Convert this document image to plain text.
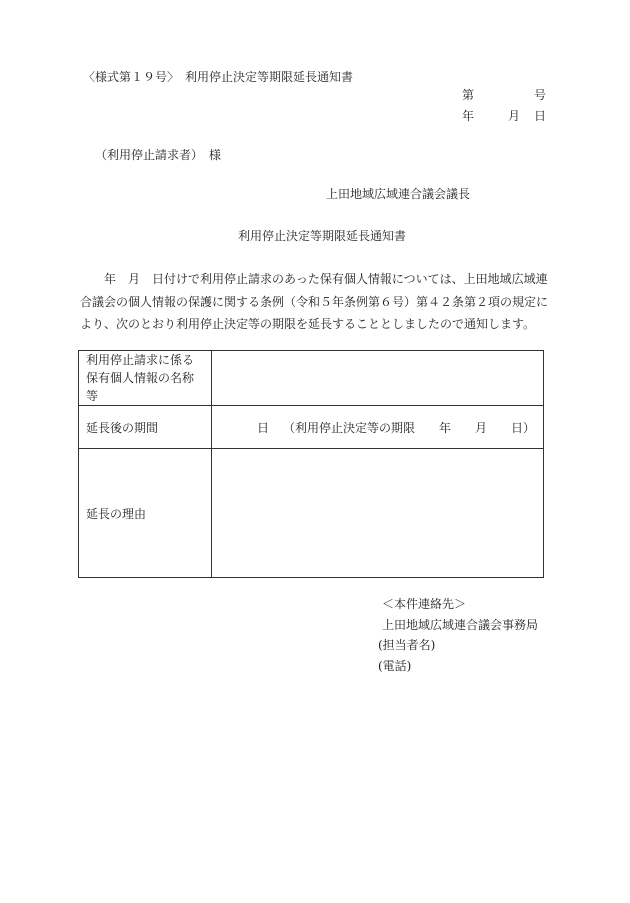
〈様式第１９号〉　利用停止決定等期限延長通知書
第	号
年	月 日
（利用停止請求者）　様
上田地域広域連合議会議長
利用停止決定等期限延長通知書
　　年　月　日付けで利用停止請求のあった保有個人情報については、上田地域広域連合議会の個人情報の保護に関する条例（令和５年条例第６号）第４２条第２項の規定により、次のとおり利用停止決定等の期限を延長することとしましたので通知します。
利用停止請求に係る保有個人情報の名称等	
延長後の期間	日 （利用停止決定等の期限　　年　　月　　日）

延長の理由	
＜本件連絡先＞
上田地域広域連合議会事務局
(担当者名)
(電話)
